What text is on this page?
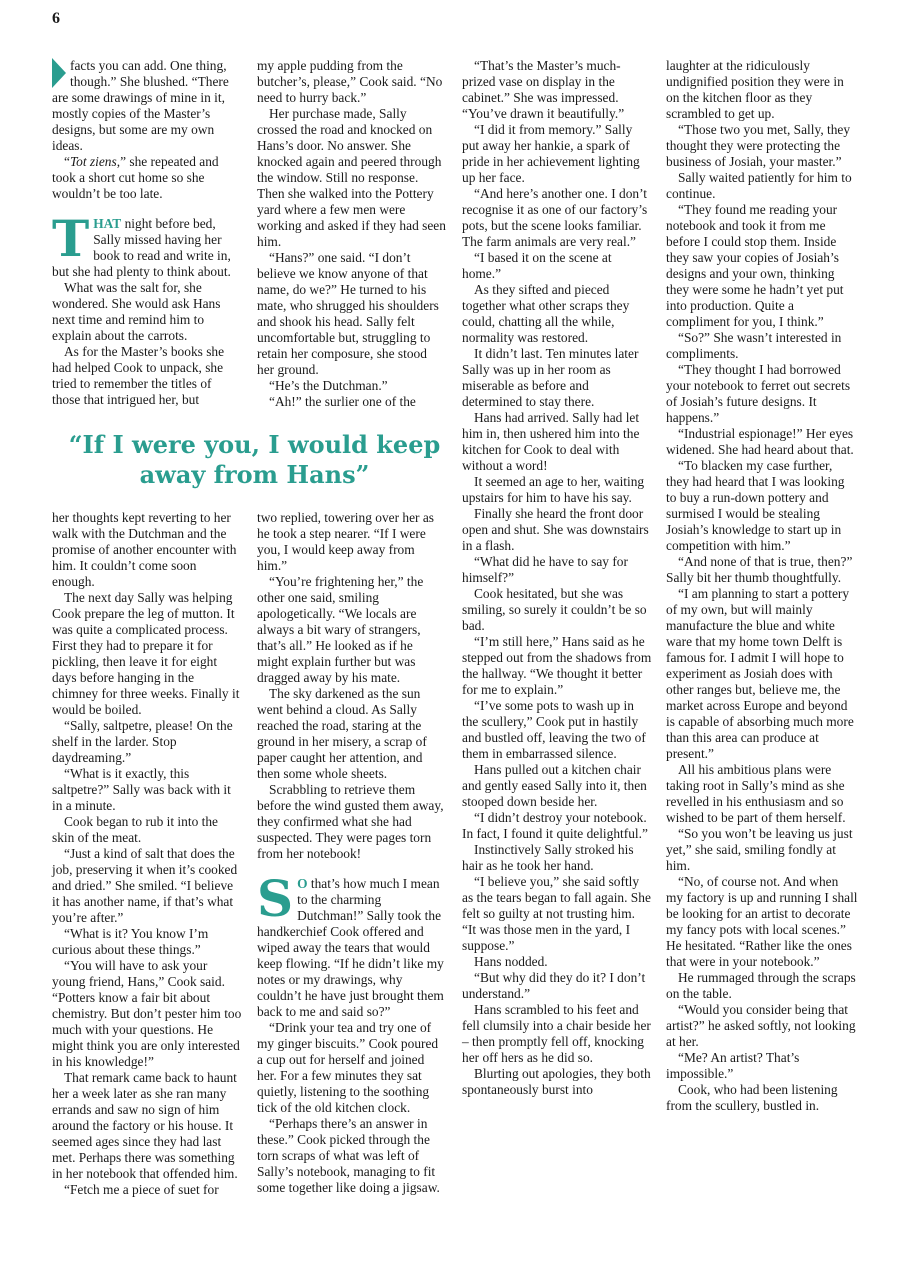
6

facts you can add. One thing, though.” She blushed. “There are some drawings of mine in it, mostly copies of the Master’s designs, but some are my own ideas.

“Tot ziens,” she repeated and took a short cut home so she wouldn’t be too late.

THAT night before bed, Sally missed having her book to read and write in, but she had plenty to think about.

What was the salt for, she wondered. She would ask Hans next time and remind him to explain about the carrots.

As for the Master’s books she had helped Cook to unpack, she tried to remember the titles of those that intrigued her, but

my apple pudding from the butcher’s, please,” Cook said. “No need to hurry back.”

Her purchase made, Sally crossed the road and knocked on Hans’s door. No answer. She knocked again and peered through the window. Still no response. Then she walked into the Pottery yard where a few men were working and asked if they had seen him.

“Hans?” one said. “I don’t believe we know anyone of that name, do we?” He turned to his mate, who shrugged his shoulders and shook his head. Sally felt uncomfortable but, struggling to retain her composure, she stood her ground.

“He’s the Dutchman.”

“Ah!” the surlier one of the

“If I were you, I would keep away from Hans”

her thoughts kept reverting to her walk with the Dutchman and the promise of another encounter with him. It couldn’t come soon enough.

The next day Sally was helping Cook prepare the leg of mutton. It was quite a complicated process. First they had to prepare it for pickling, then leave it for eight days before hanging in the chimney for three weeks. Finally it would be boiled.

“Sally, saltpetre, please! On the shelf in the larder. Stop daydreaming.”

“What is it exactly, this saltpetre?” Sally was back with it in a minute.

Cook began to rub it into the skin of the meat.

“Just a kind of salt that does the job, preserving it when it’s cooked and dried.” She smiled. “I believe it has another name, if that’s what you’re after.”

“What is it? You know I’m curious about these things.”

“You will have to ask your young friend, Hans,” Cook said. “Potters know a fair bit about chemistry. But don’t pester him too much with your questions. He might think you are only interested in his knowledge!”

That remark came back to haunt her a week later as she ran many errands and saw no sign of him around the factory or his house. It seemed ages since they had last met. Perhaps there was something in her notebook that offended him.

“Fetch me a piece of suet for

two replied, towering over her as he took a step nearer. “If I were you, I would keep away from him.”

“You’re frightening her,” the other one said, smiling apologetically. “We locals are always a bit wary of strangers, that’s all.” He looked as if he might explain further but was dragged away by his mate.

The sky darkened as the sun went behind a cloud. As Sally reached the road, staring at the ground in her misery, a scrap of paper caught her attention, and then some whole sheets.

Scrabbling to retrieve them before the wind gusted them away, they confirmed what she had suspected. They were pages torn from her notebook!

S O that’s how much I mean to the charming Dutchman!” Sally took the handkerchief Cook offered and wiped away the tears that would keep flowing. “If he didn’t like my notes or my drawings, why couldn’t he have just brought them back to me and said so?”

“Drink your tea and try one of my ginger biscuits.” Cook poured a cup out for herself and joined her. For a few minutes they sat quietly, listening to the soothing tick of the old kitchen clock.

“Perhaps there’s an answer in these.” Cook picked through the torn scraps of what was left of Sally’s notebook, managing to fit some together like doing a jigsaw.

“That’s the Master’s much-prized vase on display in the cabinet.” She was impressed. “You’ve drawn it beautifully.”

“I did it from memory.” Sally put away her hankie, a spark of pride in her achievement lighting up her face.

“And here’s another one. I don’t recognise it as one of our factory’s pots, but the scene looks familiar. The farm animals are very real.”

“I based it on the scene at home.”

As they sifted and pieced together what other scraps they could, chatting all the while, normality was restored.

It didn’t last. Ten minutes later Sally was up in her room as miserable as before and determined to stay there.

Hans had arrived. Sally had let him in, then ushered him into the kitchen for Cook to deal with without a word!

It seemed an age to her, waiting upstairs for him to have his say.

Finally she heard the front door open and shut. She was downstairs in a flash.

“What did he have to say for himself?”

Cook hesitated, but she was smiling, so surely it couldn’t be so bad.

“I’m still here,” Hans said as he stepped out from the shadows from the hallway. “We thought it better for me to explain.”

“I’ve some pots to wash up in the scullery,” Cook put in hastily and bustled off, leaving the two of them in embarrassed silence.

Hans pulled out a kitchen chair and gently eased Sally into it, then stooped down beside her.

“I didn’t destroy your notebook. In fact, I found it quite delightful.”

Instinctively Sally stroked his hair as he took her hand.

“I believe you,” she said softly as the tears began to fall again. She felt so guilty at not trusting him. “It was those men in the yard, I suppose.”

Hans nodded.

“But why did they do it? I don’t understand.”

Hans scrambled to his feet and fell clumsily into a chair beside her – then promptly fell off, knocking her off hers as he did so.

Blurting out apologies, they both spontaneously burst into

laughter at the ridiculously undignified position they were in on the kitchen floor as they scrambled to get up.

“Those two you met, Sally, they thought they were protecting the business of Josiah, your master.”

Sally waited patiently for him to continue.

“They found me reading your notebook and took it from me before I could stop them. Inside they saw your copies of Josiah’s designs and your own, thinking they were some he hadn’t yet put into production. Quite a compliment for you, I think.”

“So?” She wasn’t interested in compliments.

“They thought I had borrowed your notebook to ferret out secrets of Josiah’s future designs. It happens.”

“Industrial espionage!” Her eyes widened. She had heard about that.

“To blacken my case further, they had heard that I was looking to buy a run-down pottery and surmised I would be stealing Josiah’s knowledge to start up in competition with him.”

“And none of that is true, then?” Sally bit her thumb thoughtfully.

“I am planning to start a pottery of my own, but will mainly manufacture the blue and white ware that my home town Delft is famous for. I admit I will hope to experiment as Josiah does with other ranges but, believe me, the market across Europe and beyond is capable of absorbing much more than this area can produce at present.”

All his ambitious plans were taking root in Sally’s mind as she revelled in his enthusiasm and so wished to be part of them herself.

“So you won’t be leaving us just yet,” she said, smiling fondly at him.

“No, of course not. And when my factory is up and running I shall be looking for an artist to decorate my fancy pots with local scenes.” He hesitated. “Rather like the ones that were in your notebook.”

He rummaged through the scraps on the table.

“Would you consider being that artist?” he asked softly, not looking at her.

“Me? An artist? That’s impossible.”

Cook, who had been listening from the scullery, bustled in.
